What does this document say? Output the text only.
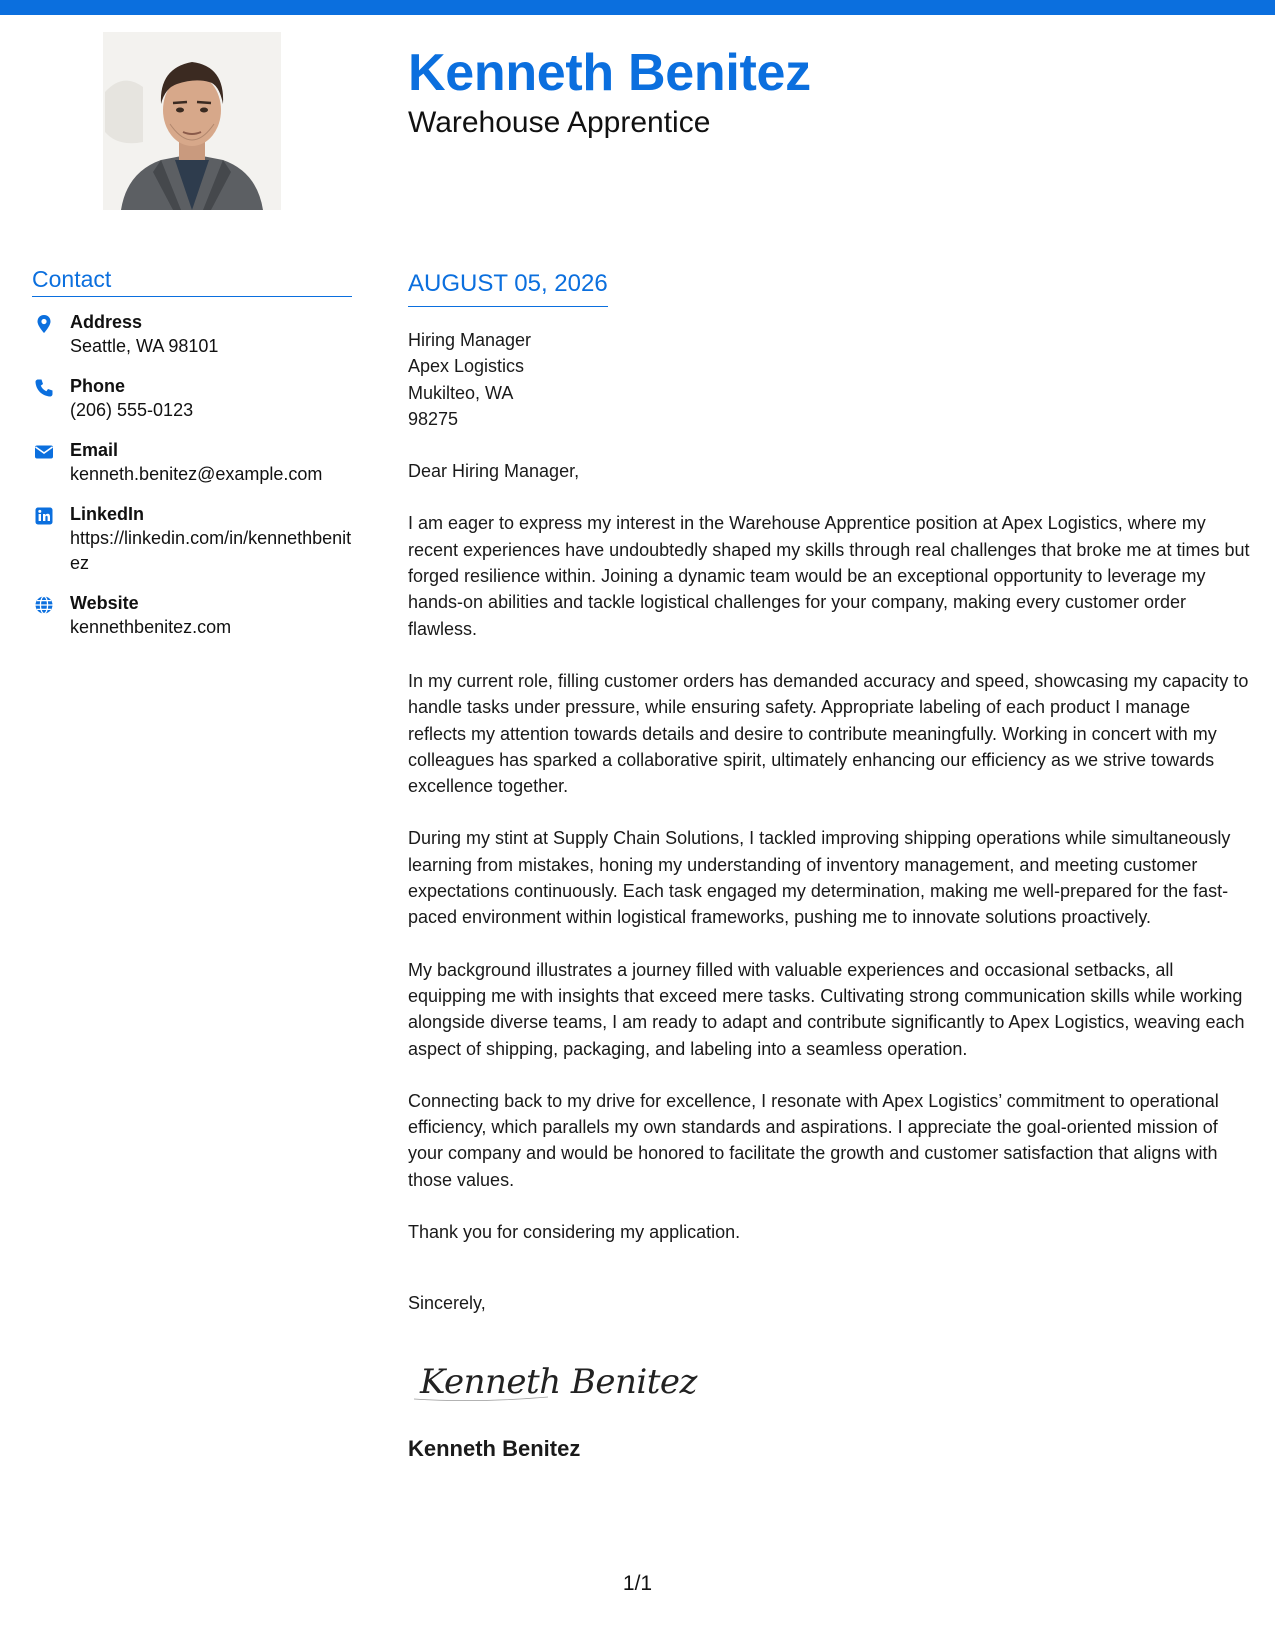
Kenneth Benitez
Warehouse Apprentice
Contact
Address
Seattle, WA 98101
Phone
(206) 555-0123
Email
kenneth.benitez@example.com
LinkedIn
https://linkedin.com/in/kennethbenitez
Website
kennethbenitez.com
AUGUST 05, 2026
Hiring Manager
Apex Logistics
Mukilteo, WA
98275
Dear Hiring Manager,

I am eager to express my interest in the Warehouse Apprentice position at Apex Logistics, where my recent experiences have undoubtedly shaped my skills through real challenges that broke me at times but forged resilience within. Joining a dynamic team would be an exceptional opportunity to leverage my hands-on abilities and tackle logistical challenges for your company, making every customer order flawless.

In my current role, filling customer orders has demanded accuracy and speed, showcasing my capacity to handle tasks under pressure, while ensuring safety. Appropriate labeling of each product I manage reflects my attention towards details and desire to contribute meaningfully. Working in concert with my colleagues has sparked a collaborative spirit, ultimately enhancing our efficiency as we strive towards excellence together.

During my stint at Supply Chain Solutions, I tackled improving shipping operations while simultaneously learning from mistakes, honing my understanding of inventory management, and meeting customer expectations continuously. Each task engaged my determination, making me well-prepared for the fast-paced environment within logistical frameworks, pushing me to innovate solutions proactively.

My background illustrates a journey filled with valuable experiences and occasional setbacks, all equipping me with insights that exceed mere tasks. Cultivating strong communication skills while working alongside diverse teams, I am ready to adapt and contribute significantly to Apex Logistics, weaving each aspect of shipping, packaging, and labeling into a seamless operation.

Connecting back to my drive for excellence, I resonate with Apex Logistics’ commitment to operational efficiency, which parallels my own standards and aspirations. I appreciate the goal-oriented mission of your company and would be honored to facilitate the growth and customer satisfaction that aligns with those values.

Thank you for considering my application.

Sincerely,
Kenneth Benitez
Kenneth Benitez
1/1
